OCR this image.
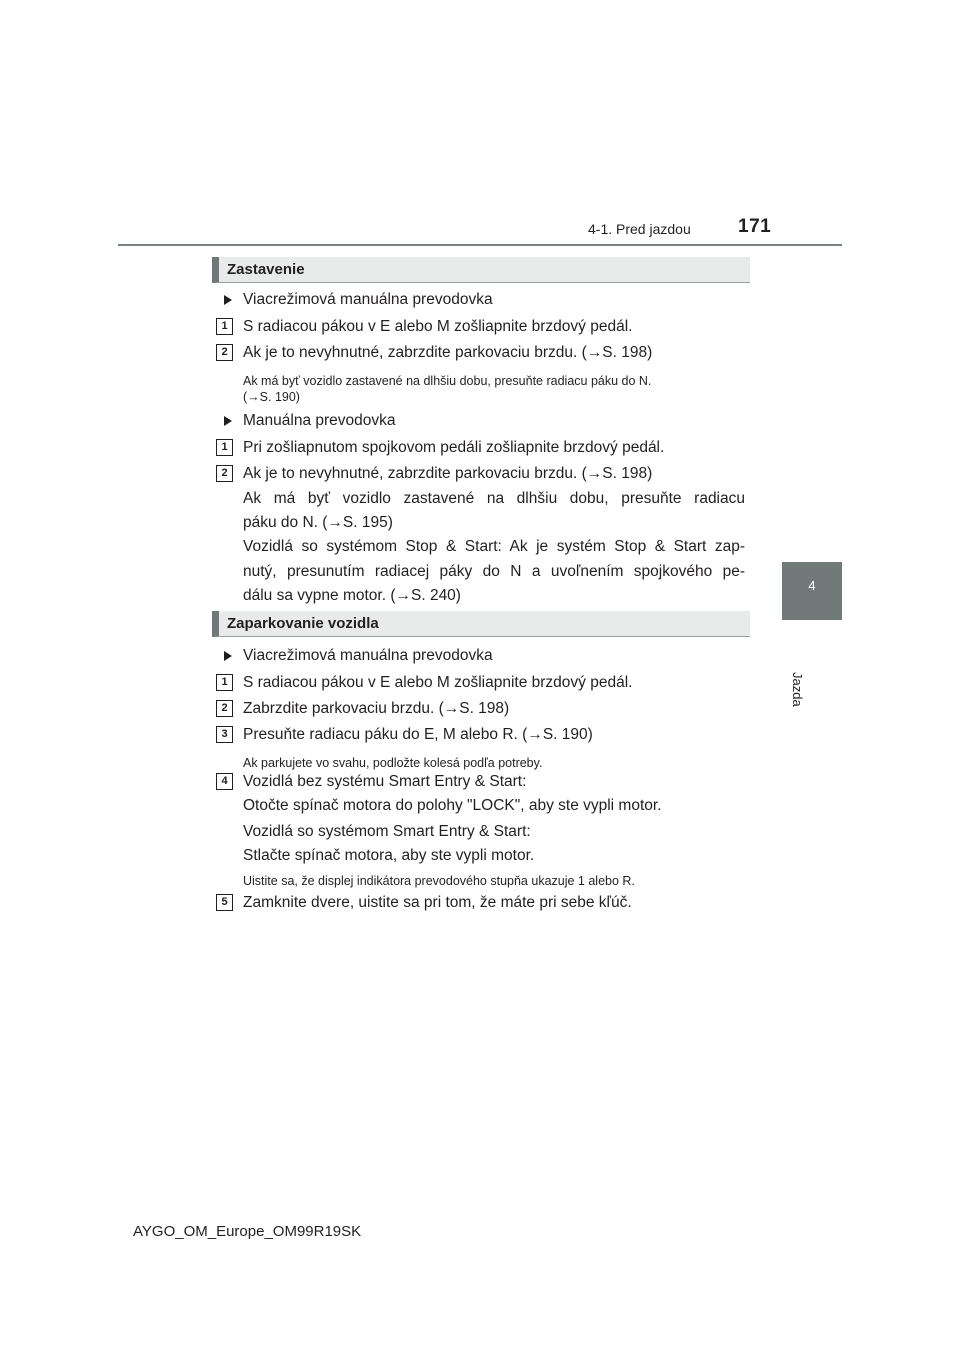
4-1. Pred jazdou 171
4
Jazda
Zastavenie
Viacrežimová manuálna prevodovka
1 S radiacou pákou v E alebo M zošliapnite brzdový pedál.
2 Ak je to nevyhnutné, zabrzdite parkovaciu brzdu. (→S. 198)
Ak má byť vozidlo zastavené na dlhšiu dobu, presuňte radiacu páku do N.
(→S. 190)
Manuálna prevodovka
1 Pri zošliapnutom spojkovom pedáli zošliapnite brzdový pedál.
2 Ak je to nevyhnutné, zabrzdite parkovaciu brzdu. (→S. 198)
Ak má byť vozidlo zastavené na dlhšiu dobu, presuňte radiacu
páku do N. (→S. 195)
Vozidlá so systémom Stop & Start: Ak je systém Stop & Start zap-
nutý, presunutím radiacej páky do N a uvoľnením spojkového pe-
dálu sa vypne motor. (→S. 240)
Zaparkovanie vozidla
Viacrežimová manuálna prevodovka
1 S radiacou pákou v E alebo M zošliapnite brzdový pedál.
2 Zabrzdite parkovaciu brzdu. (→S. 198)
3 Presuňte radiacu páku do E, M alebo R. (→S. 190)
Ak parkujete vo svahu, podložte kolesá podľa potreby.
4 Vozidlá bez systému Smart Entry & Start:
Otočte spínač motora do polohy "LOCK", aby ste vypli motor.
Vozidlá so systémom Smart Entry & Start:
Stlačte spínač motora, aby ste vypli motor.
Uistite sa, že displej indikátora prevodového stupňa ukazuje 1 alebo R.
5 Zamknite dvere, uistite sa pri tom, že máte pri sebe kľúč.
AYGO_OM_Europe_OM99R19SK
